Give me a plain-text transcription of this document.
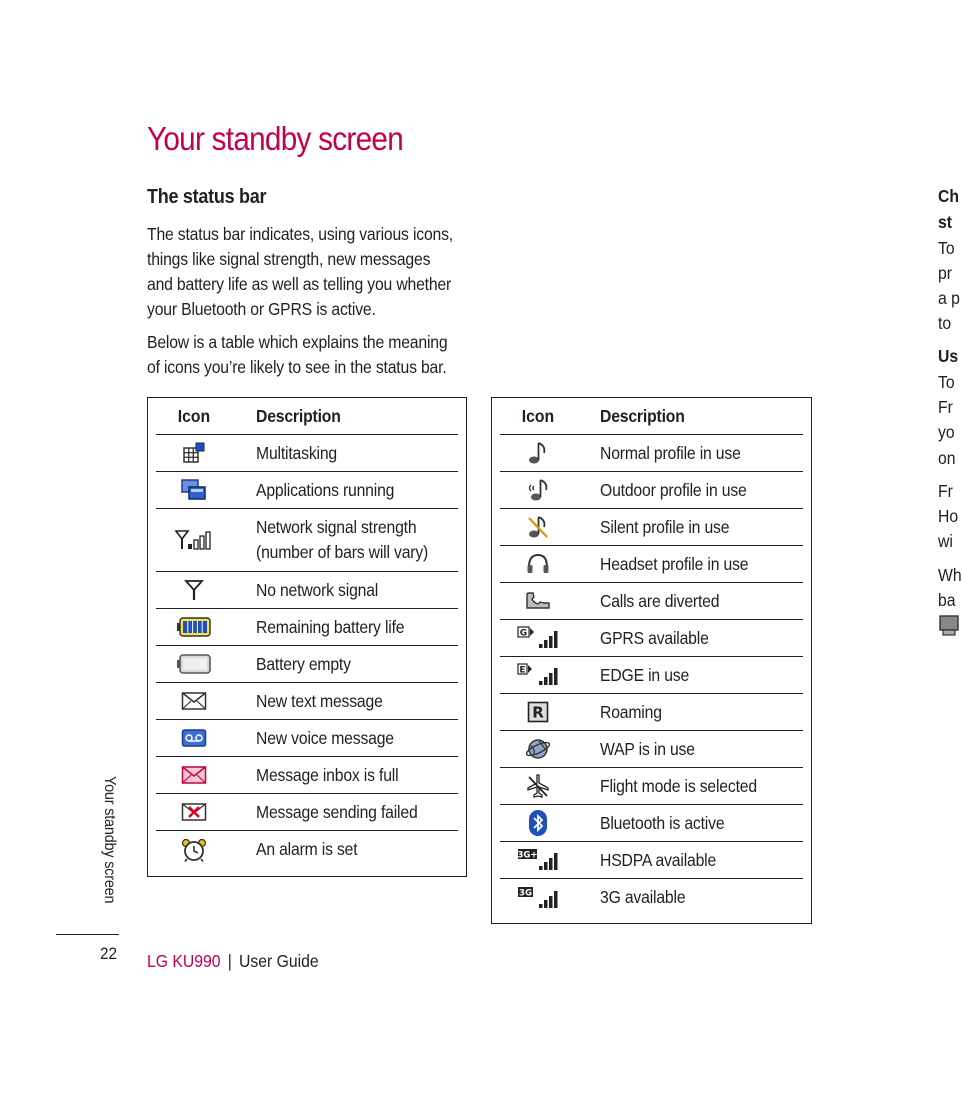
Your standby screen
The status bar

The status bar indicates, using various icons, things like signal strength, new messages and battery life as well as telling you whether your Bluetooth or GPRS is active.

Below is a table which explains the meaning of icons you’re likely to see in the status bar.

Icon	Description
Multitasking
Applications running
Network signal strength (number of bars will vary)
No network signal
Remaining battery life
Battery empty
New text message
New voice message
Message inbox is full
Message sending failed
An alarm is set
Icon	Description
Normal profile in use
Outdoor profile in use
Silent profile in use
Headset profile in use
Calls are diverted
G	GPRS available
E	EDGE in use
R	Roaming
WAP is in use
Flight mode is selected
Bluetooth is active
3G+	HSDPA available
3G	3G available
Your standby screen
22 LG KU990 | User Guide
Ch
st
To
pr
a p
to
Us
To
Fr
yo
on
Fr
Ho
wi
Wh
ba
